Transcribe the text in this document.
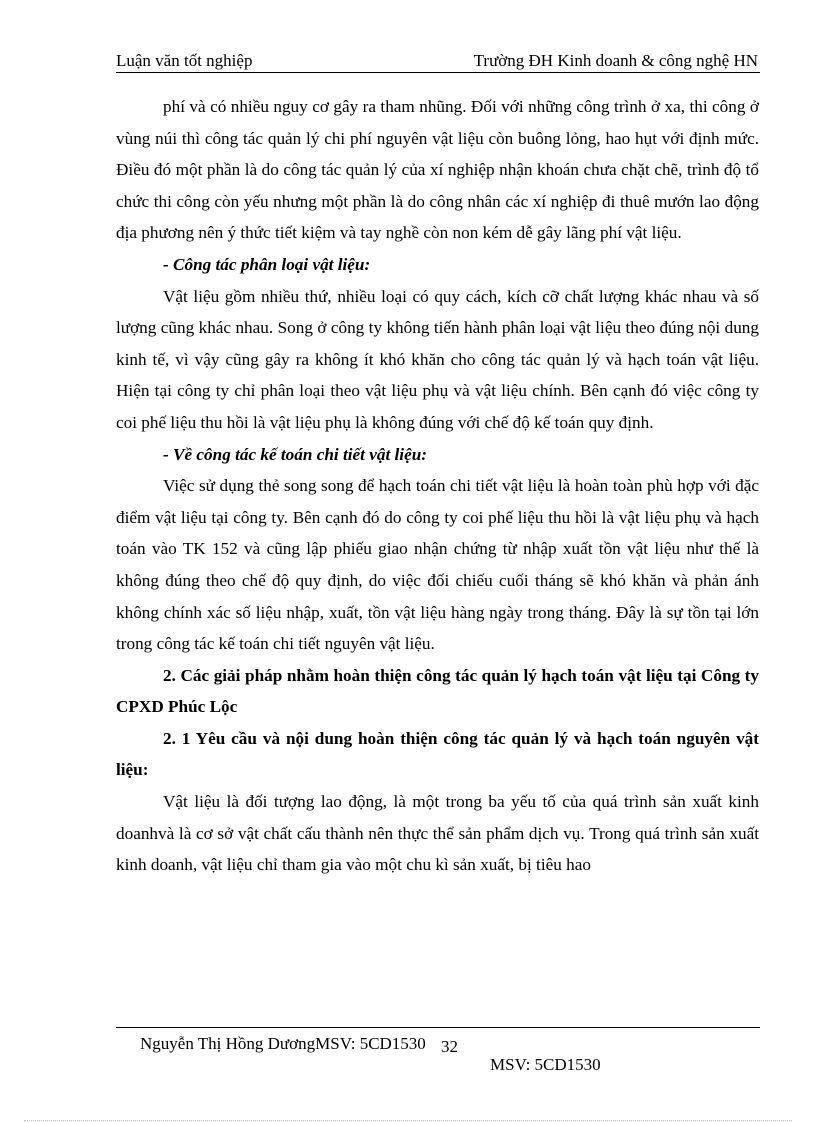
Luận văn tốt nghiệp	Trường ĐH Kinh doanh & công nghệ HN

phí và có nhiều nguy cơ gây ra tham nhũng. Đối với những công trình ở xa, thi công ở vùng núi thì công tác quản lý chi phí nguyên vật liệu còn buông lỏng, hao hụt với định mức. Điều đó một phần là do công tác quản lý của xí nghiệp nhận khoán chưa chặt chẽ, trình độ tổ chức thi công còn yếu nhưng một phần là do công nhân các xí nghiệp đi thuê mướn lao động địa phương nên ý thức tiết kiệm và tay nghề còn non kém dễ gây lãng phí vật liệu.

- Công tác phân loại vật liệu:

Vật liệu gồm nhiều thứ, nhiều loại có quy cách, kích cỡ chất lượng khác nhau và số lượng cũng khác nhau. Song ở công ty không tiến hành phân loại vật liệu theo đúng nội dung kinh tế, vì vậy cũng gây ra không ít khó khăn cho công tác quản lý và hạch toán vật liệu. Hiện tại công ty chỉ phân loại theo vật liệu phụ và vật liệu chính. Bên cạnh đó việc công ty coi phế liệu thu hồi là vật liệu phụ là không đúng với chế độ kế toán quy định.

- Về công tác kế toán chi tiết vật liệu:

Việc sử dụng thẻ song song để hạch toán chi tiết vật liệu là hoàn toàn phù hợp với đặc điểm vật liệu tại công ty. Bên cạnh đó do công ty coi phế liệu thu hồi là vật liệu phụ và hạch toán vào TK 152 và cũng lập phiếu giao nhận chứng từ nhập xuất tồn vật liệu như thế là không đúng theo chế độ quy định, do việc đối chiếu cuối tháng sẽ khó khăn và phản ánh không chính xác số liệu nhập, xuất, tồn vật liệu hàng ngày trong tháng. Đây là sự tồn tại lớn trong công tác kế toán chi tiết nguyên vật liệu.

2. Các giải pháp nhằm hoàn thiện công tác quản lý hạch toán vật liệu tại Công ty CPXD Phúc Lộc

2. 1 Yêu cầu và nội dung hoàn thiện công tác quản lý và hạch toán nguyên vật liệu:

Vật liệu là đối tượng lao động, là một trong ba yếu tố của quá trình sản xuất kinh doanhvà là cơ sở vật chất cấu thành nên thực thể sản phẩm dịch vụ. Trong quá trình sản xuất kinh doanh, vật liệu chỉ tham gia vào một chu kì sản xuất, bị tiêu hao

Nguyễn Thị Hồng DươngMSV: 5CD1530 32
MSV: 5CD1530
